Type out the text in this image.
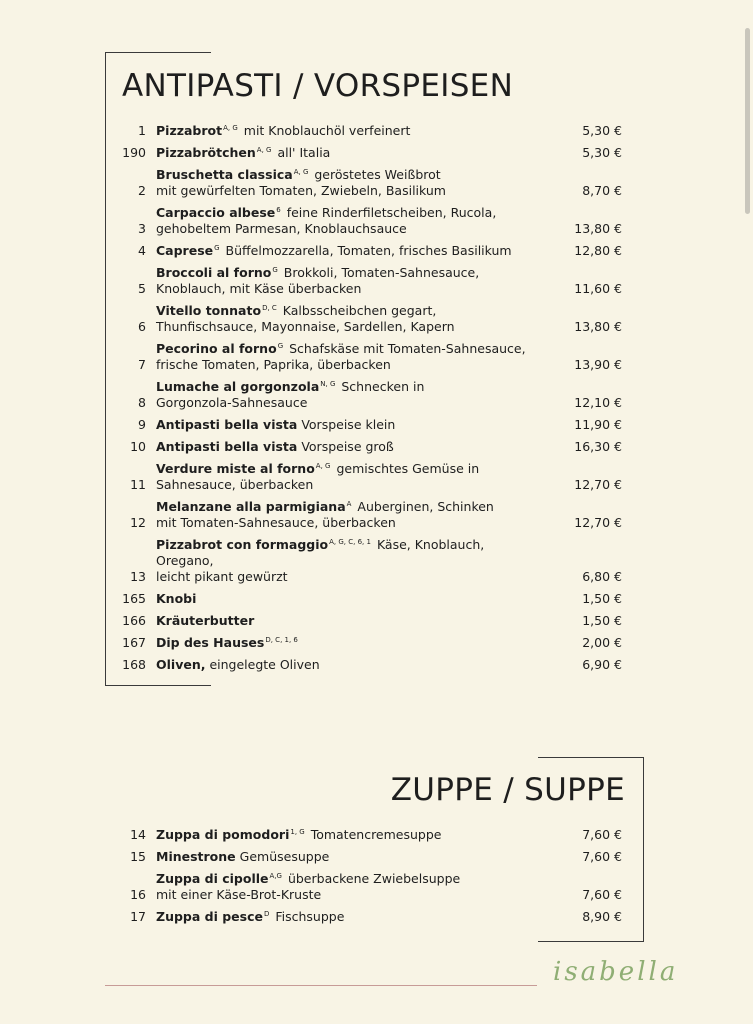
ANTIPASTI / VORSPEISEN
1 Pizzabrot$^{A, G}$ mit Knoblauchöl verfeinert	5,30 €
190 Pizzabrötchen$^{A, G}$ all' Italia	5,30 €
2
Bruschetta classica$^{A, G}$ geröstetes Weißbrot
mit gewürfelten Tomaten, Zwiebeln, Basilikum	8,70 €
3
Carpaccio albese$^6$ feine Rinderfiletscheiben, Rucola,
gehobeltem Parmesan, Knoblauchsauce	13,80 €
4 Caprese$^G$ Büffelmozzarella, Tomaten, frisches Basilikum	12,80 €
5
Broccoli al forno$^G$ Brokkoli, Tomaten-Sahnesauce,
Knoblauch, mit Käse überbacken	11,60 €
6
Vitello tonnato$^{D, C}$ Kalbsscheibchen gegart,
Thunfischsauce, Mayonnaise, Sardellen, Kapern	13,80 €
7
Pecorino al forno$^G$ Schafskäse mit Tomaten-Sahnesauce,
frische Tomaten, Paprika, überbacken	13,90 €
8
Lumache al gorgonzola$^{N, G}$ Schnecken in
Gorgonzola-Sahnesauce	12,10 €
9 Antipasti bella vista Vorspeise klein	11,90 €
10 Antipasti bella vista Vorspeise groß	16,30 €
11
Verdure miste al forno$^{A, G}$ gemischtes Gemüse in
Sahnesauce, überbacken	12,70 €
12
Melanzane alla parmigiana$^A$ Auberginen, Schinken
mit Tomaten-Sahnesauce, überbacken	12,70 €
13
Pizzabrot con formaggio$^{A, G, C, 6, 1}$ Käse, Knoblauch, Oregano,
leicht pikant gewürzt	6,80 €
165 Knobi	1,50 €
166 Kräuterbutter	1,50 €
167 Dip des Hauses$^{D, C, 1, 6}$	2,00 €
168 Oliven, eingelegte Oliven	6,90 €
ZUPPE / SUPPE
14 Zuppa di pomodori$^{1, G}$ Tomatencremesuppe	7,60 €
15 Minestrone Gemüsesuppe	7,60 €
16
Zuppa di cipolle$^{A,G}$ überbackene Zwiebelsuppe
mit einer Käse-Brot-Kruste	7,60 €
17 Zuppa di pesce$^D$ Fischsuppe	8,90 €
isabella
